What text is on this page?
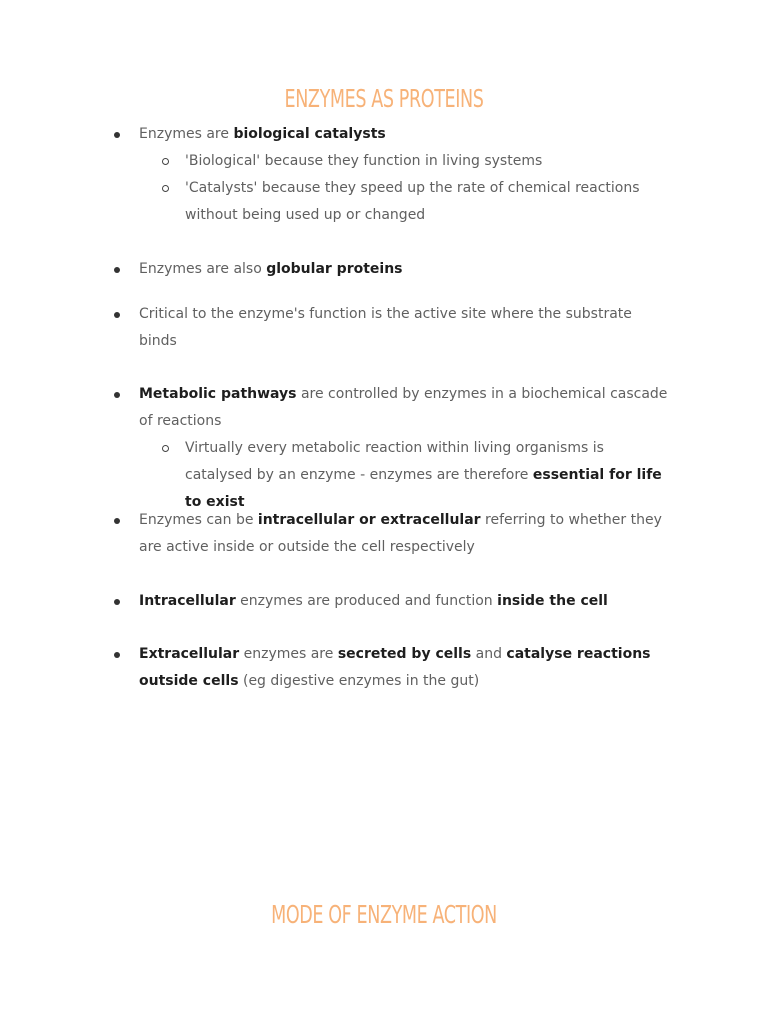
ENZYMES AS PROTEINS
Enzymes are biological catalysts
'Biological' because they function in living systems
'Catalysts' because they speed up the rate of chemical reactions without being used up or changed
Enzymes are also globular proteins
Critical to the enzyme's function is the active site where the substrate binds
Metabolic pathways are controlled by enzymes in a biochemical cascade of reactions
Virtually every metabolic reaction within living organisms is catalysed by an enzyme - enzymes are therefore essential for life to exist
Enzymes can be intracellular or extracellular referring to whether they are active inside or outside the cell respectively
Intracellular enzymes are produced and function inside the cell
Extracellular enzymes are secreted by cells and catalyse reactions outside cells (eg digestive enzymes in the gut)
MODE OF ENZYME ACTION
